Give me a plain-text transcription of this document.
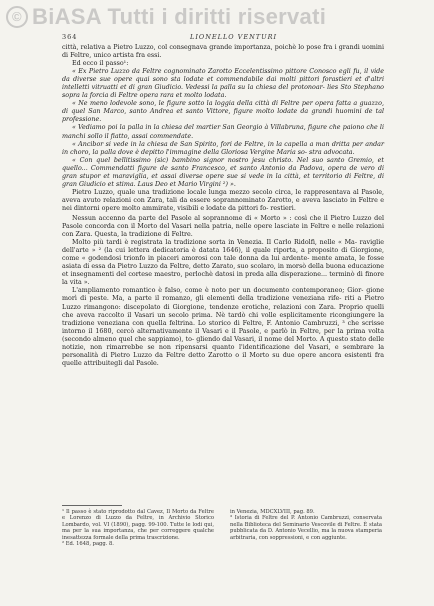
© BiASA Tutti i diritti riservati
364	LIONELLO VENTURI

città, relativa a Pietro Luzzo, col consegnava grande importanza, poichè lo pose fra i grandi uomini di Feltre, unico artista fra essi.

Ed ecco il passo¹:

« Ex Pietro Luzzo da Feltre cognominato Zarotto Eccelentissimo pittore Conosco egli fu, il vide da diverse sue opere quai sono sta lodate et commendabile dai molti pittori forastieri et d'altri intelletti vitruatti et di gran Giudicio. Vedessi la palla su la chiesa del protonoar- lies Sto Stephano sopra la forcia di Feltre opera rara et molto lodata.

« Ne meno lodevole sono, le figure sotto la loggia della città di Feltre per opera fatta a guazzo, di quel San Marco, santo Andrea et santo Vittore, figure molto lodate da grandi huomini de tal professione.

« Vediamo poi la palla in la chiesa del martier San Georgio à Villabruna, figure che paiono che li manchi sollo il fiatto, assai commendate.

« Ancibor si vede in la chiesa de San Spirito, fori de Feltre, in la capella a man dritta per andar in choro, la palla dove è depitto l'immagine della Gloriosa Vergine Maria so- stra advocata.

« Con quel bellitissimo (sic) bambino signor nostro jesu christo. Nel suo santo Gremio, et quello... Commendatti figure de santo Francesco, et santo Antonio da Padova, opera de vero di gran stupor et maraviglia, et assai diverse opere sue si vede in la città, et territorio di Feltre, di gran Giudicio et stima. Laus Deo et Mario Virgini ²) ».

Pietro Luzzo, quale una tradizione locale lunga mezzo secolo circa, le rappresentava al Pasole, aveva avuto relazioni con Zara, tali da essere soprannominato Zarotto, e aveva lasciato in Feltre e nei dintorni opere molto ammirate, visibili e lodate da pittori fo- restieri.

Nessun accenno da parte del Pasole al soprannome di « Morto » : così che il Pietro Luzzo del Pasole concorda con il Morto del Vasari nella patria, nelle opere lasciate in Feltre e nelle relazioni con Zara. Questa, la tradizione di Feltre.

Molto più tardi è registrata la tradizione sorta in Venezia. Il Carlo Ridolfi, nelle « Ma- raviglie dell'arte » ² (la cui lettera dedicatoria è datata 1646), il quale riporta, a proposito di Giorgione, come « godendosi trionfo in piaceri amorosi con tale donna da lui ardente- mente amata, le fosse asiata di essa da Pietro Luzzo da Feltre, detto Zarato, suo scolaro, in morsò della buona educazione et insegnamenti del cortese maestro, perlochè datosi in preda alla disperazione... terminò di finore la vita ».

L'ampliamento romantico è falso, come è noto per un documento contemporaneo; Gior- gione morì di peste. Ma, a parte il romanzo, gli elementi della tradizione veneziana rife- riti a Pietro Luzzo rimangono: discepolato di Giorgione, tendenze erotiche, relazioni con Zara. Proprio quelli che aveva raccolto il Vasari un secolo prima. Nè tardò chi volle esplicitamente ricongiungere la tradizione veneziana con quella feltrina. Lo storico di Feltre, F. Antonio Cambruzzi, ³ che scrisse intorno il 1680, cercò alternativamente il Vasari e il Pasole, e parlò in Feltre, per la prima volta (secondo almeno quel che sappiamo), to- gliendo dal Vasari, il nome del Morto. A questo stato delle notizie, non rimarrebbe se non ripensarsi quanto l'identificazione del Vasari, e sembrare la personalità di Pietro Luzzo da Feltre detto Zarotto o il Morto su due opere ancora esistenti fra quelle attribuitegli dal Pasole.

¹ Il passo è stato riprodotto dal Cavez, Il Morto da Feltre e Lorenzo di Luzzo da Feltre, in Archivio Storico Lombardo, vol. VI (1890), pagg. 99-100. Tutte le lodi qui, ma per la sua importanza, che per correggere qualche inesattezza formale della prima trascrizione.

² Ed. 1648, pagg. 8.

in Venezia, MDCXLVIII, pag. 89.

³ Istoria di Feltre del P. Antonio Cambruzzi, conservata nella Biblioteca del Seminario Vescovile di Feltre. È stata pubblicata da D. Antonio Vecellio, ma la nuova stamperia arbitraria, con soppressioni, e con aggiunte.
